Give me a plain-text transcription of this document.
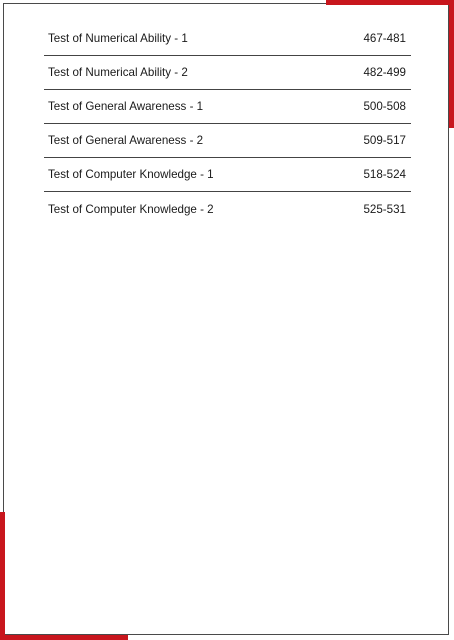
Test of Numerical Ability - 1	467-481
Test of Numerical Ability - 2	482-499
Test of General Awareness - 1	500-508
Test of General Awareness - 2	509-517
Test of Computer Knowledge - 1	518-524
Test of Computer Knowledge - 2	525-531
